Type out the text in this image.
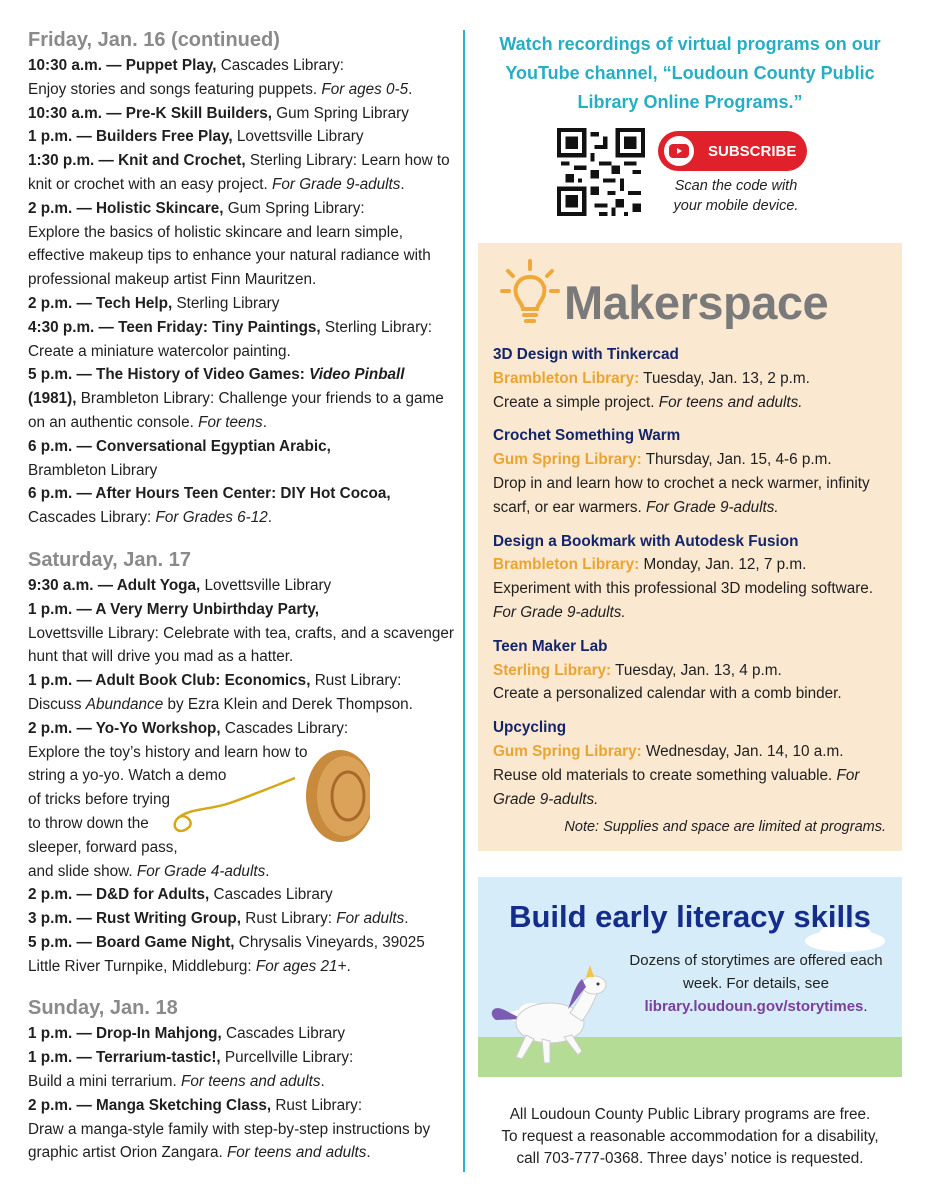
Friday, Jan. 16 (continued)
10:30 a.m. — Puppet Play, Cascades Library:
Enjoy stories and songs featuring puppets. For ages 0-5.
10:30 a.m. — Pre-K Skill Builders, Gum Spring Library
1 p.m. — Builders Free Play, Lovettsville Library
1:30 p.m. — Knit and Crochet, Sterling Library: Learn how to knit or crochet with an easy project. For Grade 9-adults.
2 p.m. — Holistic Skincare, Gum Spring Library:
Explore the basics of holistic skincare and learn simple, effective makeup tips to enhance your natural radiance with professional makeup artist Finn Mauritzen.
2 p.m. — Tech Help, Sterling Library
4:30 p.m. — Teen Friday: Tiny Paintings, Sterling Library:
Create a miniature watercolor painting.
5 p.m. — The History of Video Games: Video Pinball (1981), Brambleton Library: Challenge your friends to a game on an authentic console. For teens.
6 p.m. — Conversational Egyptian Arabic,
Brambleton Library
6 p.m. — After Hours Teen Center: DIY Hot Cocoa,
Cascades Library: For Grades 6-12.
Saturday, Jan. 17
9:30 a.m. — Adult Yoga, Lovettsville Library
1 p.m. — A Very Merry Unbirthday Party,
Lovettsville Library: Celebrate with tea, crafts, and a scavenger hunt that will drive you mad as a hatter.
1 p.m. — Adult Book Club: Economics, Rust Library:
Discuss Abundance by Ezra Klein and Derek Thompson.
2 p.m. — Yo-Yo Workshop, Cascades Library:
Explore the toy’s history and learn how to
string a yo-yo. Watch a demo
of tricks before trying
to throw down the
sleeper, forward pass,
and slide show. For Grade 4-adults.
2 p.m. — D&D for Adults, Cascades Library
3 p.m. — Rust Writing Group, Rust Library: For adults.
5 p.m. — Board Game Night, Chrysalis Vineyards, 39025 Little River Turnpike, Middleburg: For ages 21+.
Sunday, Jan. 18
1 p.m. — Drop-In Mahjong, Cascades Library
1 p.m. — Terrarium-tastic!, Purcellville Library:
Build a mini terrarium. For teens and adults.
2 p.m. — Manga Sketching Class, Rust Library:
Draw a manga-style family with step-by-step instructions by graphic artist Orion Zangara. For teens and adults.
Watch recordings of virtual programs on our YouTube channel, “Loudoun County Public Library Online Programs.”
SUBSCRIBE
Scan the code with your mobile device.
Makerspace
3D Design with Tinkercad
Brambleton Library: Tuesday, Jan. 13, 2 p.m.
Create a simple project. For teens and adults.
Crochet Something Warm
Gum Spring Library: Thursday, Jan. 15, 4-6 p.m.
Drop in and learn how to crochet a neck warmer, infinity scarf, or ear warmers. For Grade 9-adults.
Design a Bookmark with Autodesk Fusion
Brambleton Library: Monday, Jan. 12, 7 p.m.
Experiment with this professional 3D modeling software. For Grade 9-adults.
Teen Maker Lab
Sterling Library: Tuesday, Jan. 13, 4 p.m.
Create a personalized calendar with a comb binder.
Upcycling
Gum Spring Library: Wednesday, Jan. 14, 10 a.m.
Reuse old materials to create something valuable. For Grade 9-adults.
Note: Supplies and space are limited at programs.
Build early literacy skills
Dozens of storytimes are offered each week. For details, see library.loudoun.gov/storytimes.
All Loudoun County Public Library programs are free.
To request a reasonable accommodation for a disability,
call 703-777-0368. Three days’ notice is requested.
